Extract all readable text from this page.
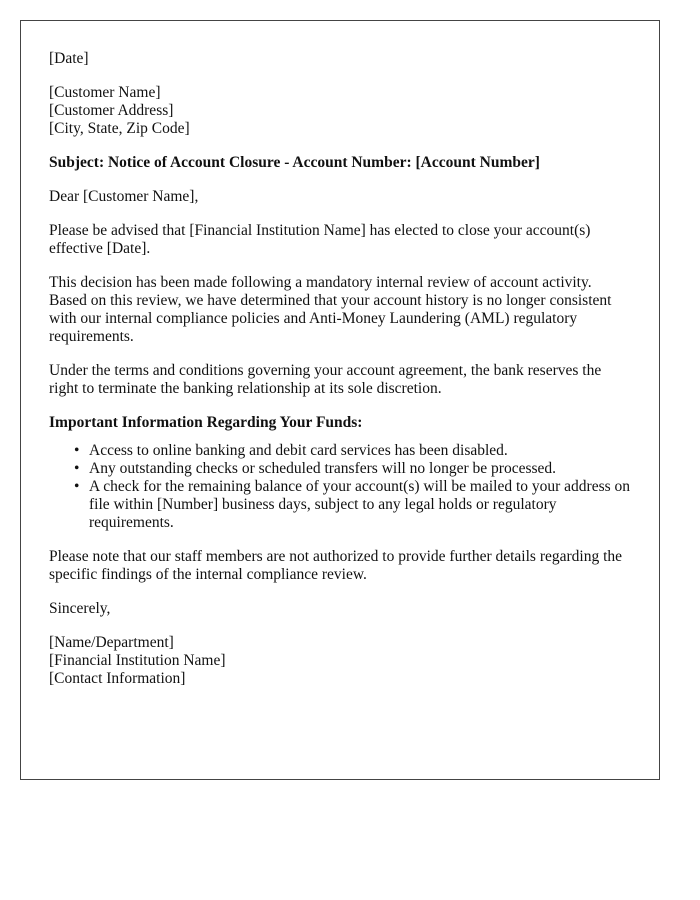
[Date]
[Customer Name]
[Customer Address]
[City, State, Zip Code]
Subject: Notice of Account Closure - Account Number: [Account Number]
Dear [Customer Name],
Please be advised that [Financial Institution Name] has elected to close your account(s) effective [Date].
This decision has been made following a mandatory internal review of account activity. Based on this review, we have determined that your account history is no longer consistent with our internal compliance policies and Anti-Money Laundering (AML) regulatory requirements.
Under the terms and conditions governing your account agreement, the bank reserves the right to terminate the banking relationship at its sole discretion.
Important Information Regarding Your Funds:
• Access to online banking and debit card services has been disabled.
• Any outstanding checks or scheduled transfers will no longer be processed.
• A check for the remaining balance of your account(s) will be mailed to your address on file within [Number] business days, subject to any legal holds or regulatory requirements.
Please note that our staff members are not authorized to provide further details regarding the specific findings of the internal compliance review.
Sincerely,
[Name/Department]
[Financial Institution Name]
[Contact Information]
